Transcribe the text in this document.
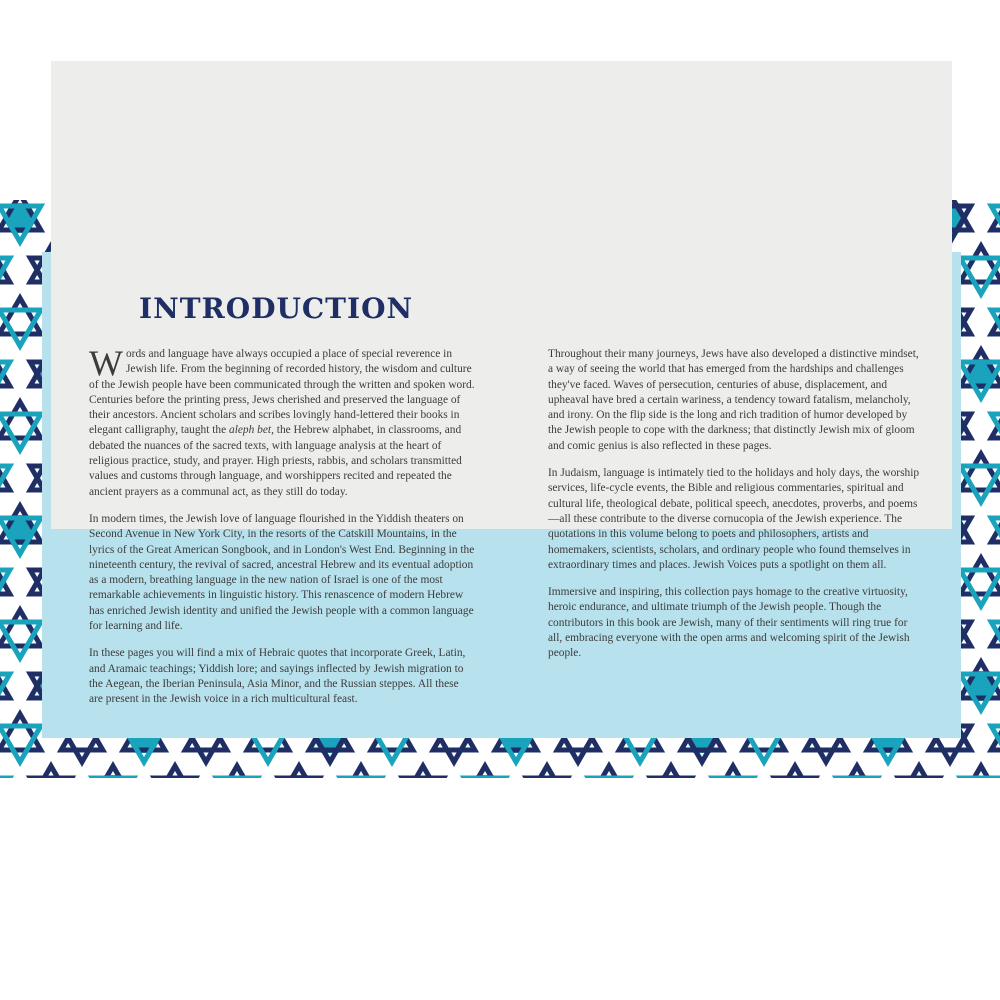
INTRODUCTION

Words and language have always occupied a place of special reverence in Jewish life. From the beginning of recorded history, the wisdom and culture of the Jewish people have been communicated through the written and spoken word. Centuries before the printing press, Jews cherished and preserved the language of their ancestors. Ancient scholars and scribes lovingly hand-lettered their books in elegant calligraphy, taught the aleph bet, the Hebrew alphabet, in classrooms, and debated the nuances of the sacred texts, with language analysis at the heart of religious practice, study, and prayer. High priests, rabbis, and scholars transmitted values and customs through language, and worshippers recited and repeated the ancient prayers as a communal act, as they still do today.

In modern times, the Jewish love of language flourished in the Yiddish theaters on Second Avenue in New York City, in the resorts of the Catskill Mountains, in the lyrics of the Great American Songbook, and in London's West End. Beginning in the nineteenth century, the revival of sacred, ancestral Hebrew and its eventual adoption as a modern, breathing language in the new nation of Israel is one of the most remarkable achievements in linguistic history. This renascence of modern Hebrew has enriched Jewish identity and unified the Jewish people with a common language for learning and life.

In these pages you will find a mix of Hebraic quotes that incorporate Greek, Latin, and Aramaic teachings; Yiddish lore; and sayings inflected by Jewish migration to the Aegean, the Iberian Peninsula, Asia Minor, and the Russian steppes. All these are present in the Jewish voice in a rich multicultural feast.

Throughout their many journeys, Jews have also developed a distinctive mindset, a way of seeing the world that has emerged from the hardships and challenges they've faced. Waves of persecution, centuries of abuse, displacement, and upheaval have bred a certain wariness, a tendency toward fatalism, melancholy, and irony. On the flip side is the long and rich tradition of humor developed by the Jewish people to cope with the darkness; that distinctly Jewish mix of gloom and comic genius is also reflected in these pages.

In Judaism, language is intimately tied to the holidays and holy days, the worship services, life-cycle events, the Bible and religious commentaries, spiritual and cultural life, theological debate, political speech, anecdotes, proverbs, and poems—all these contribute to the diverse cornucopia of the Jewish experience. The quotations in this volume belong to poets and philosophers, artists and homemakers, scientists, scholars, and ordinary people who found themselves in extraordinary times and places. Jewish Voices puts a spotlight on them all.

Immersive and inspiring, this collection pays homage to the creative virtuosity, heroic endurance, and ultimate triumph of the Jewish people. Though the contributors in this book are Jewish, many of their sentiments will ring true for all, embracing everyone with the open arms and welcoming spirit of the Jewish people.
